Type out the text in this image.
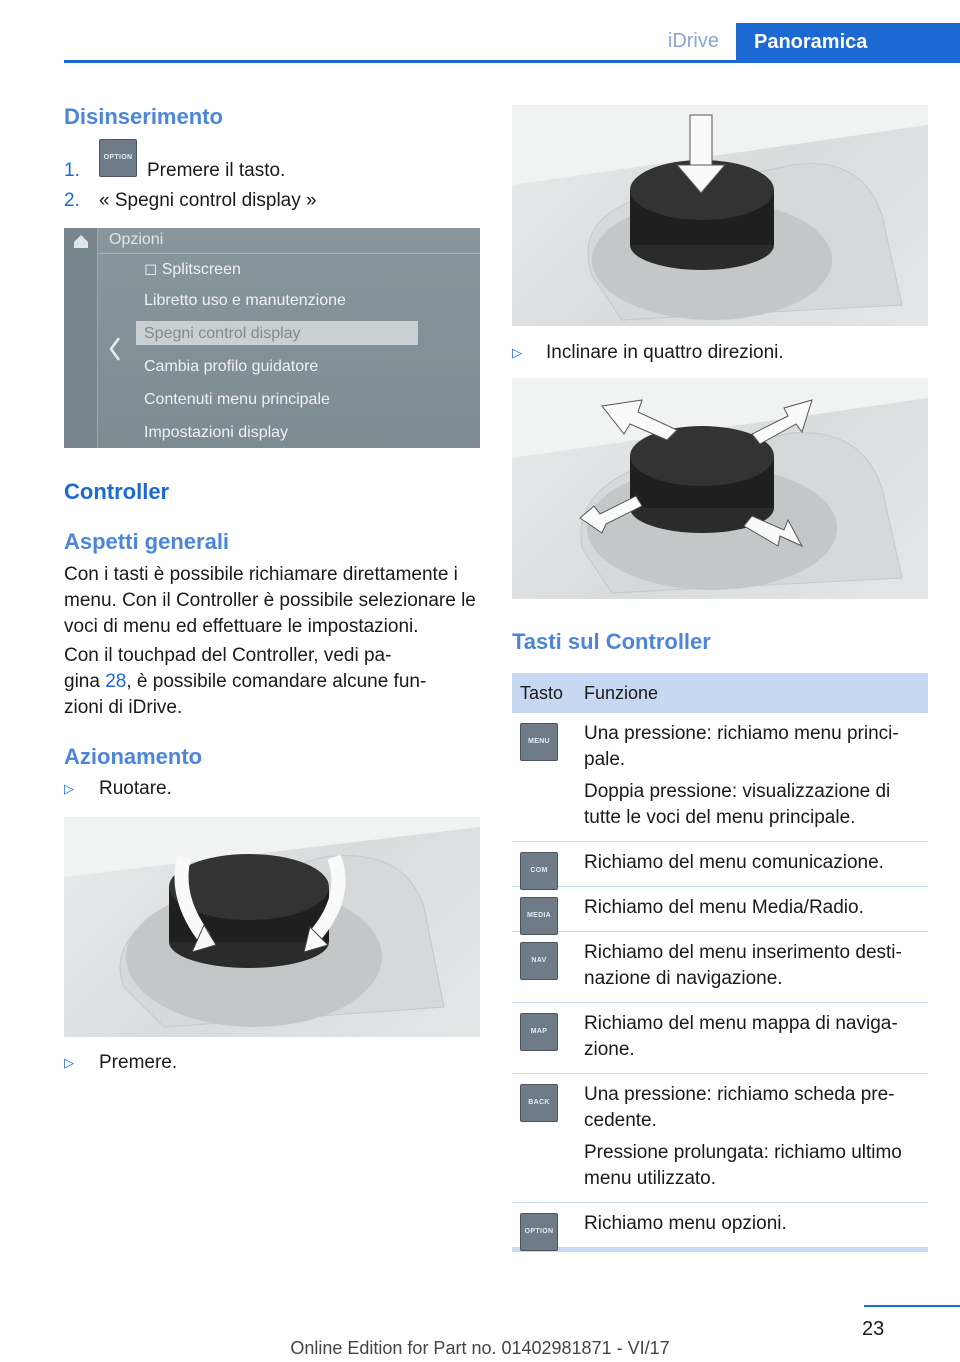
iDrive	Panoramica
Disinserimento
1.
OPTION
Premere il tasto.
2. « Spegni control display »
Opzioni
◻ Splitscreen
Libretto uso e manutenzione
Spegni control display
Cambia profilo guidatore
Contenuti menu principale
Impostazioni display
Controller
Aspetti generali
Con i tasti è possibile richiamare direttamente i menu. Con il Controller è possibile selezionare le voci di menu ed effettuare le impostazioni.
Con il touchpad del Controller, vedi pa-
gina 28, è possibile comandare alcune fun-
zioni di iDrive.
Azionamento
▷ Ruotare.
▷ Premere.
▷ Inclinare in quattro direzioni.
Tasti sul Controller
Tasto Funzione
MENU	Una pressione: richiamo menu princi-pale.
Doppia pressione: visualizzazione di tutte le voci del menu principale.
COM	Richiamo del menu comunicazione.
MEDIA	Richiamo del menu Media/Radio.
NAV	Richiamo del menu inserimento desti-nazione di navigazione.
MAP	Richiamo del menu mappa di naviga-zione.
BACK	Una pressione: richiamo scheda pre-cedente.
Pressione prolungata: richiamo ultimo menu utilizzato.
OPTION Richiamo menu opzioni.
23
Online Edition for Part no. 01402981871 - VI/17
